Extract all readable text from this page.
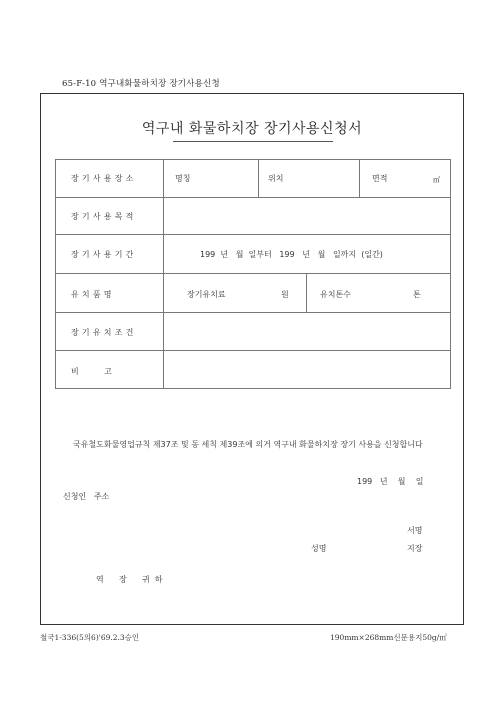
65-F-10 역구내화물하치장 장기사용신청
역구내 화물하치장 장기사용신청서
장기사용장소	명칭	위치	면적	㎡
장기사용목적
장기사용기간	199  년   월  일부터   199   년   월   일까지  (일간)
유치품명	장기유치료	원	유치톤수	톤
장기유치조건
비          고
국유철도화물영업규칙 제37조 및 동 세칙 제39조에 의거 역구내 화물하치장 장기 사용을 신청합니다
199   년    월    일
신청인   주소
서명
성명	지장
역      장      귀  하
철국1-336(5의6)'69.2.3승인	190mm×268mm신문용지50g/㎡
